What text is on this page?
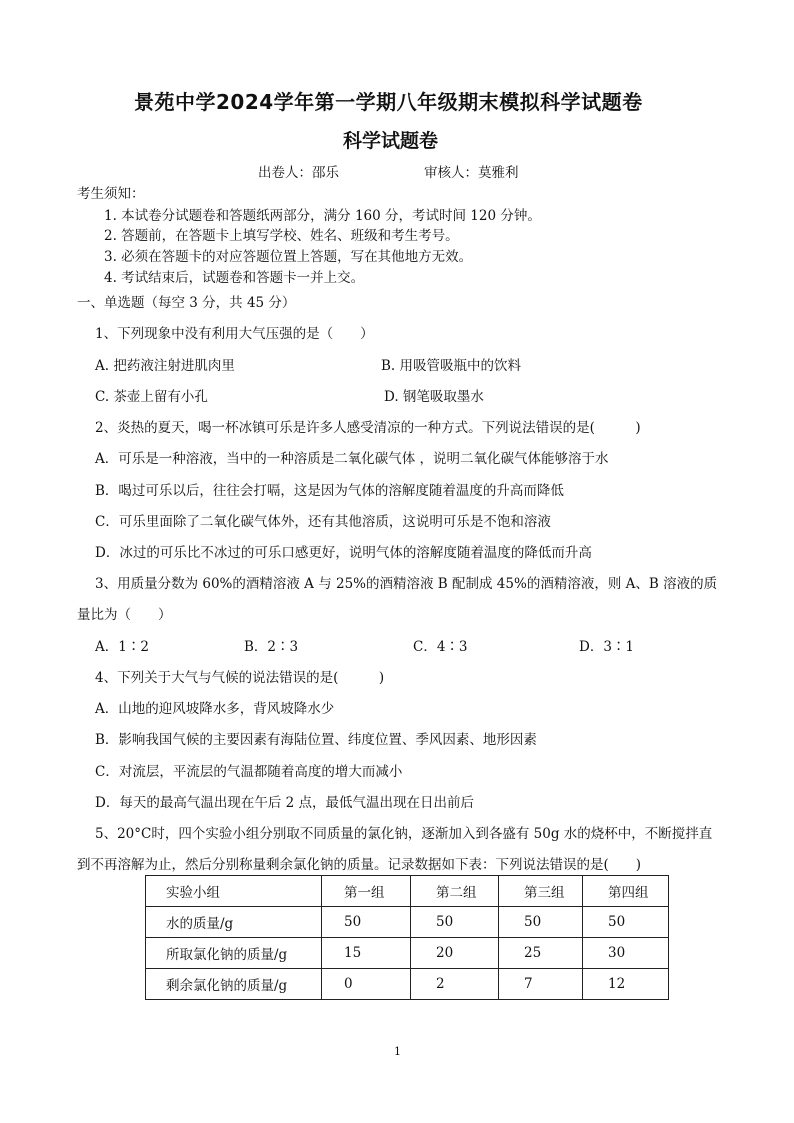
景苑中学2024学年第一学期八年级期末模拟科学试题卷
科学试题卷
出卷人：邵乐	审核人：莫雅利
考生须知：
1. 本试卷分试题卷和答题纸两部分，满分 160 分，考试时间 120 分钟。
2. 答题前，在答题卡上填写学校、姓名、班级和考生考号。
3. 必须在答题卡的对应答题位置上答题，写在其他地方无效。
4. 考试结束后，试题卷和答题卡一并上交。
一、单选题（每空 3 分，共 45 分）
1、下列现象中没有利用大气压强的是（　　）
A. 把药液注射进肌肉里	B. 用吸管吸瓶中的饮料
C. 茶壶上留有小孔	D. 钢笔吸取墨水
2、炎热的夏天，喝一杯冰镇可乐是许多人感受清凉的一种方式。下列说法错误的是(　　　)
A．可乐是一种溶液，当中的一种溶质是二氧化碳气体 ，说明二氧化碳气体能够溶于水
B．喝过可乐以后，往往会打嗝，这是因为气体的溶解度随着温度的升高而降低
C．可乐里面除了二氧化碳气体外，还有其他溶质，这说明可乐是不饱和溶液
D．冰过的可乐比不冰过的可乐口感更好，说明气体的溶解度随着温度的降低而升高
3、用质量分数为 60%的酒精溶液 A 与 25%的酒精溶液 B 配制成 45%的酒精溶液，则 A、B 溶液的质
量比为（　　）
A．1∶2	B．2∶3	C．4∶3	D．3∶1
4、下列关于大气与气候的说法错误的是(　　　)
A．山地的迎风坡降水多，背风坡降水少
B．影响我国气候的主要因素有海陆位置、纬度位置、季风因素、地形因素
C．对流层，平流层的气温都随着高度的增大而减小
D．每天的最高气温出现在午后 2 点，最低气温出现在日出前后
5、20°C时，四个实验小组分别取不同质量的氯化钠，逐渐加入到各盛有 50g 水的烧杯中，不断搅拌直
到不再溶解为止，然后分别称量剩余氯化钠的质量。记录数据如下表：下列说法错误的是(　　)
实验小组	第一组	第二组	第三组	第四组
水的质量/g	50	50	50	50
所取氯化钠的质量/g	15	20	25	30
剩余氯化钠的质量/g	0	2	7	12
1
